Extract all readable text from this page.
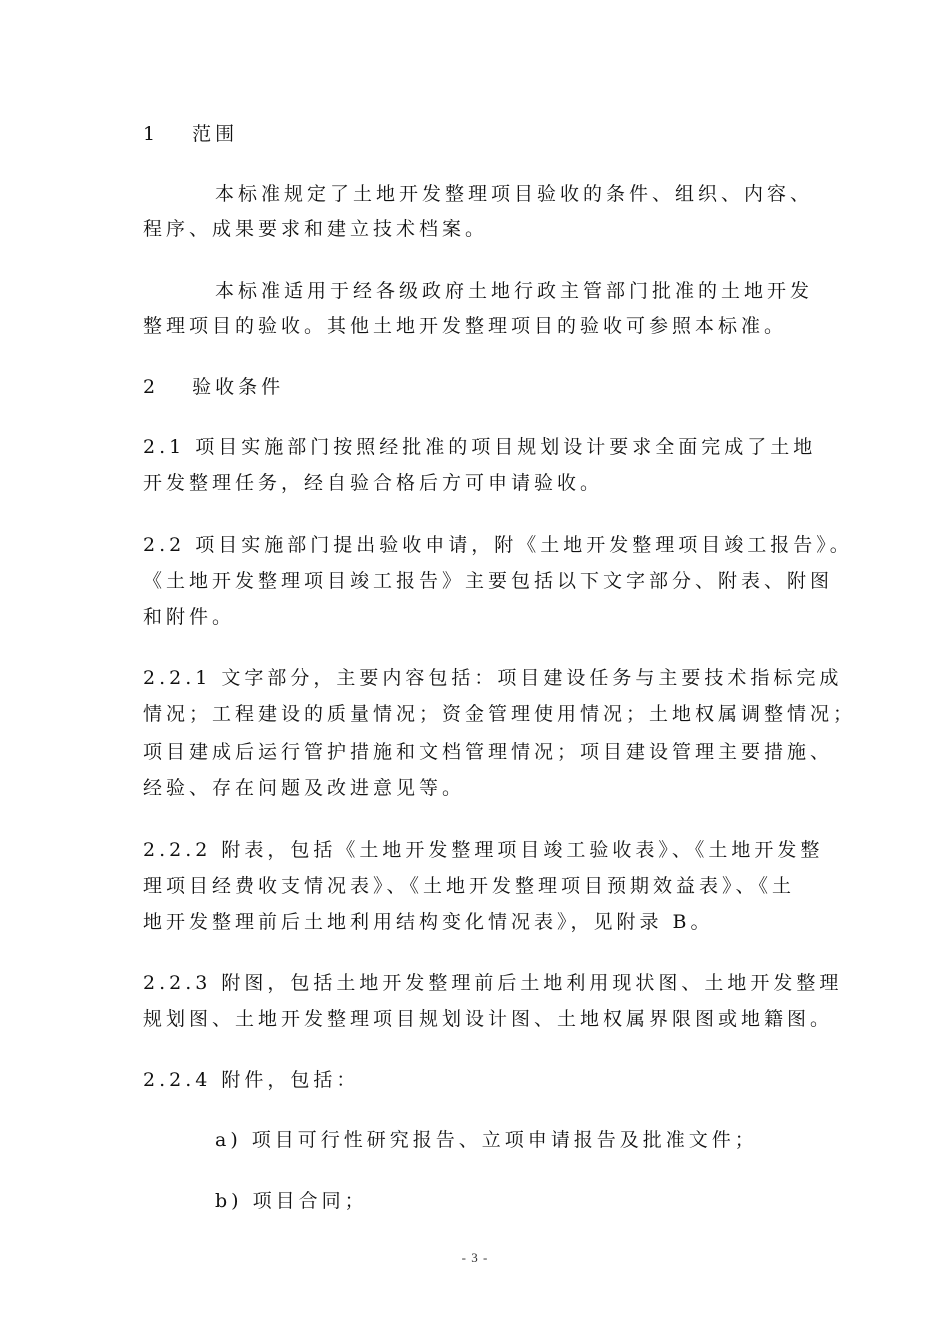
1　 范围
本标准规定了土地开发整理项目验收的条件、组织、内容、
程序、成果要求和建立技术档案。
本标准适用于经各级政府土地行政主管部门批准的土地开发
整理项目的验收。其他土地开发整理项目的验收可参照本标准。
2　 验收条件
2.1 项目实施部门按照经批准的项目规划设计要求全面完成了土地
开发整理任务，经自验合格后方可申请验收。
2.2 项目实施部门提出验收申请，附《土地开发整理项目竣工报告》。
《土地开发整理项目竣工报告》主要包括以下文字部分、附表、附图
和附件。
2.2.1 文字部分，主要内容包括：项目建设任务与主要技术指标完成
情况；工程建设的质量情况；资金管理使用情况；土地权属调整情况；
项目建成后运行管护措施和文档管理情况；项目建设管理主要措施、
经验、存在问题及改进意见等。
2.2.2 附表，包括《土地开发整理项目竣工验收表》、《土地开发整
理项目经费收支情况表》、《土地开发整理项目预期效益表》、《土
地开发整理前后土地利用结构变化情况表》，见附录 B。
2.2.3 附图，包括土地开发整理前后土地利用现状图、土地开发整理
规划图、土地开发整理项目规划设计图、土地权属界限图或地籍图。
2.2.4 附件，包括：
a) 项目可行性研究报告、立项申请报告及批准文件；
b) 项目合同；
- 3 -
